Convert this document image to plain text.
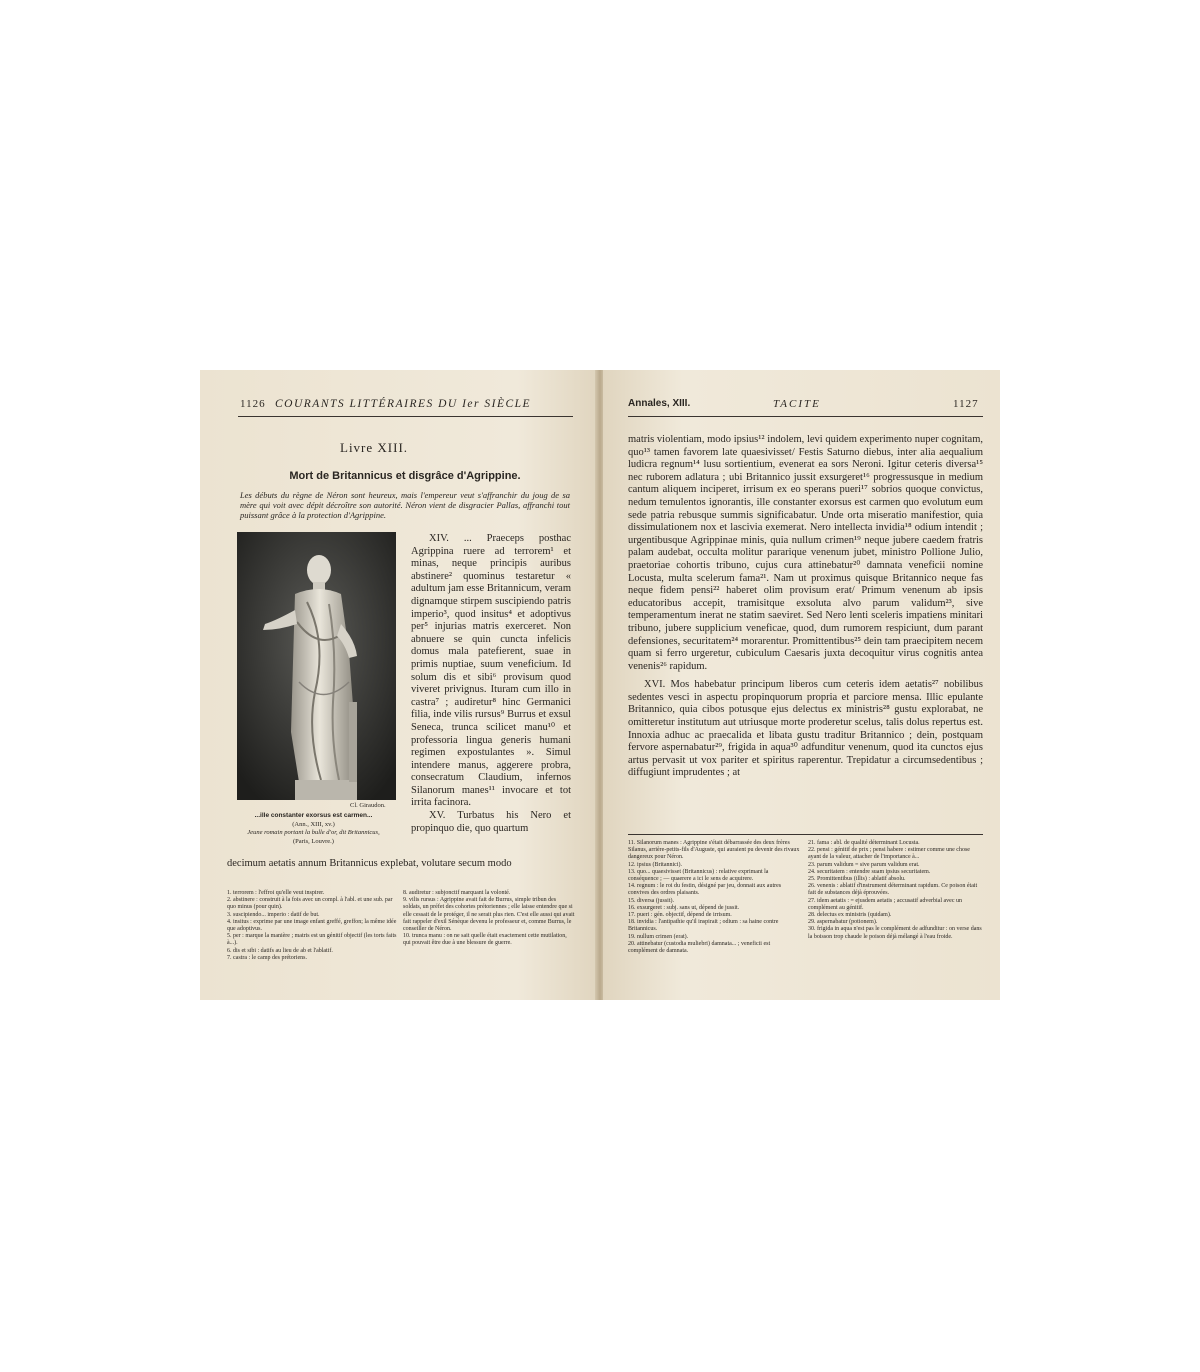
1126 COURANTS LITTÉRAIRES DU Ier SIÈCLE
Livre XIII.
Mort de Britannicus et disgrâce d'Agrippine.
Les débuts du règne de Néron sont heureux, mais l'empereur veut s'affranchir du joug de sa mère qui voit avec dépit décroître son autorité. Néron vient de disgracier Pallas, affranchi tout puissant grâce à la protection d'Agrippine.
Cl. Giraudon.
...ille constanter exorsus est carmen...
(Ann., XIII, xv.)
Jeune romain portant la bulle d'or, dit Britannicus,
(Paris, Louvre.)

XIV. ... Praeceps posthac Agrippina ruere ad terrorem¹ et minas, neque principis auribus abstinere² quominus testaretur « adultum jam esse Britannicum, veram dignamque stirpem suscipiendo patris imperio³, quod insitus⁴ et adoptivus per⁵ injurias matris exerceret. Non abnuere se quin cuncta infelicis domus mala patefierent, suae in primis nuptiae, suum veneficium. Id solum dis et sibi⁶ provisum quod viveret privignus. Ituram cum illo in castra⁷ ; audiretur⁸ hinc Germanici filia, inde vilis rursus⁹ Burrus et exsul Seneca, trunca scilicet manu¹⁰ et professoria lingua generis humani regimen expostulantes ». Simul intendere manus, aggerere probra, consecratum Claudium, infernos Silanorum manes¹¹ invocare et tot irrita facinora.

XV. Turbatus his Nero et propinquo die, quo quartum

decimum aetatis annum Britannicus explebat, volutare secum modo
1. terrorem : l'effroi qu'elle veut inspirer.
2. abstinere : construit à la fois avec un compl. à l'abl. et une sub. par quo minus (pour quin).
3. suscipiendo... imperio : datif de but.
4. insitus : exprime par une image enfant greffé, greffon; la même idée que adoptivus.
5. per : marque la manière ; matris est un génitif objectif (les torts faits à...).
6. dis et sibi : datifs au lieu de ab et l'ablatif.
7. castra : le camp des prétoriens.
8. audiretur : subjonctif marquant la volonté.
9. vilis rursus : Agrippine avait fait de Burrus, simple tribun des soldats, un préfet des cohortes prétoriennes ; elle laisse entendre que si elle cessait de le protéger, il ne serait plus rien. C'est elle aussi qui avait fait rappeler d'exil Sénèque devenu le professeur et, comme Burrus, le conseiller de Néron.
10. trunca manu : on ne sait quelle était exactement cette mutilation, qui pouvait être due à une blessure de guerre.
Annales, XIII.	TACITE	1127

matris violentiam, modo ipsius¹² indolem, levi quidem experimento nuper cognitam, quo¹³ tamen favorem late quaesivisset/ Festis Saturno diebus, inter alia aequalium ludicra regnum¹⁴ lusu sortientium, evenerat ea sors Neroni. Igitur ceteris diversa¹⁵ nec ruborem adlatura ; ubi Britannico jussit exsurgeret¹⁶ progressusque in medium cantum aliquem inciperet, irrisum ex eo sperans pueri¹⁷ sobrios quoque convictus, nedum temulentos ignorantis, ille constanter exorsus est carmen quo evolutum eum sede patria rebusque summis significabatur. Unde orta miseratio manifestior, quia dissimulationem nox et lascivia exemerat. Nero intellecta invidia¹⁸ odium intendit ; urgentibusque Agrippinae minis, quia nullum crimen¹⁹ neque jubere caedem fratris palam audebat, occulta molitur pararique venenum jubet, ministro Pollione Julio, praetoriae cohortis tribuno, cujus cura attinebatur²⁰ damnata veneficii nomine Locusta, multa scelerum fama²¹. Nam ut proximus quisque Britannico neque fas neque fidem pensi²² haberet olim provisum erat/ Primum venenum ab ipsis educatoribus accepit, tramisitque exsoluta alvo parum validum²³, sive temperamentum inerat ne statim saeviret. Sed Nero lenti sceleris impatiens minitari tribuno, jubere supplicium veneficae, quod, dum rumorem respiciunt, dum parant defensiones, securitatem²⁴ morarentur. Promittentibus²⁵ dein tam praecipitem necem quam si ferro urgeretur, cubiculum Caesaris juxta decoquitur virus cognitis antea venenis²⁶ rapidum.

XVI. Mos habebatur principum liberos cum ceteris idem aetatis²⁷ nobilibus sedentes vesci in aspectu propinquorum propria et parciore mensa. Illic epulante Britannico, quia cibos potusque ejus delectus ex ministris²⁸ gustu explorabat, ne omitteretur institutum aut utriusque morte proderetur scelus, talis dolus repertus est. Innoxia adhuc ac praecalida et libata gustu traditur Britannico ; dein, postquam fervore aspernabatur²⁹, frigida in aqua³⁰ adfunditur venenum, quod ita cunctos ejus artus pervasit ut vox pariter et spiritus raperentur. Trepidatur a circumsedentibus ; diffugiunt imprudentes ; at

11. Silanorum manes : Agrippine s'était débarrassée des deux frères Silanus, arrière-petits-fils d'Auguste, qui auraient pu devenir des rivaux dangereux pour Néron.
12. ipsius (Britannici).
13. quo... quaesivisset (Britannicus) : relative exprimant la conséquence ; — quaerere a ici le sens de acquirere.
14. regnum : le roi du festin, désigné par jeu, donnait aux autres convives des ordres plaisants.
15. diversa (jussit).
16. exsurgeret : subj. sans ut, dépend de jussit.
17. pueri : gén. objectif, dépend de irrisum.
18. invidia : l'antipathie qu'il inspirait ; odium : sa haine contre Britannicus.
19. nullum crimen (erat).
20. attinebatur (custodia muliebri) damnata... ; veneficii est complément de damnata.
21. fama : abl. de qualité déterminant Locusta.
22. pensi : génitif de prix ; pensi habere : estimer comme une chose ayant de la valeur, attacher de l'importance à...
23. parum validum = sive parum validum erat.
24. securitatem : entendre suam ipsius securitatem.
25. Promittentibus (illis) : ablatif absolu.
26. venenis : ablatif d'instrument déterminant rapidum. Ce poison était fait de substances déjà éprouvées.
27. idem aetatis : = ejusdem aetatis ; accusatif adverbial avec un complément au génitif.
28. delectus ex ministris (quidam).
29. aspernabatur (potionem).
30. frigida in aqua n'est pas le complément de adfunditur : on verse dans la boisson trop chaude le poison déjà mélangé à l'eau froide.
